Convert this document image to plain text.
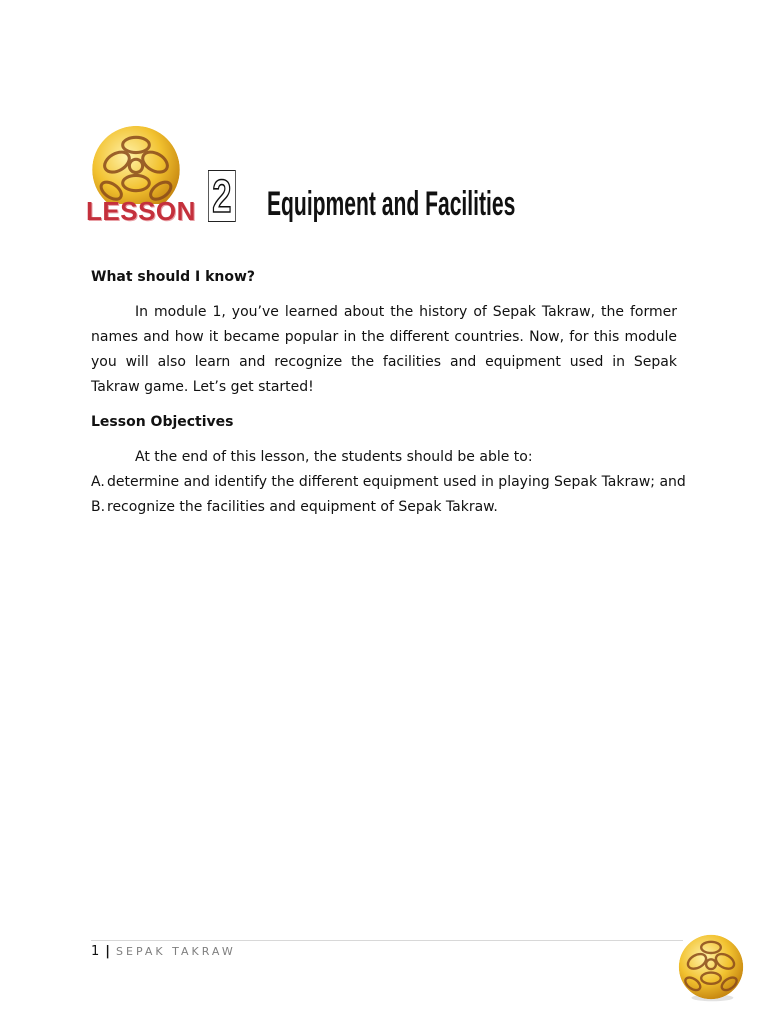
LESSON 2 Equipment and Facilities
What should I know?

In module 1, you’ve learned about the history of Sepak Takraw, the former names and how it became popular in the different countries. Now, for this module you will also learn and recognize the facilities and equipment used in Sepak Takraw game. Let’s get started!

Lesson Objectives

At the end of this lesson, the students should be able to:

A. determine and identify the different equipment used in playing Sepak Takraw; and
B. recognize the facilities and equipment of Sepak Takraw.
1 | SEPAK TAKRAW
